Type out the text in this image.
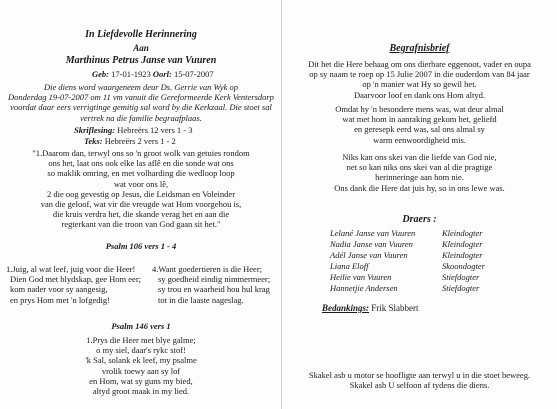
In Liefdevolle Herinnering
Aan
Marthinus Petrus Janse van Vuuren
Geb: 17-01-1923 Oorl: 15-07-2007
Die diens word waargeneem deur Ds. Gerrie van Wyk op
Donderdag 19-07-2007 om 11 vm vanuit die Gereformeerde Kerk Ventersdorp
voordat daar eers verrigtinge gemitig sal word by die Kerkzaal. Die stoet sal
vertrek na die familie begraafplaas.
Skriflesing: Hebreërs 12 vers 1 - 3
Teks: Hebreërs 2 vers 1 - 2
"1.Daarom dan, terwyl ons so 'n groot wolk van getuies rondom
ons het, laat ons ook elke las aflê en die sonde wat ons
so maklik omring, en met volharding die wedloop loop
wat voor ons lê,
2 die oog gevestig op Jesus, die Leidsman en Voleinder
van die geloof, wat vir die vreugde wat Hom voorgehou is,
die kruis verdra het, die skande verag het en aan die
regterkant van die troon van God gaan sit het."
Psalm 106 vers 1 - 4
1.Juig, al wat leef, juig voor die Heer!
Dien God met blydskap, gee Hom eer;
kom nader voor sy aangesig,
en prys Hom met 'n lofgedig!
4.Want goedertieren is die Heer;
sy goedheid eindig nimmermeer;
sy trou en waarheid hou hul krag
tot in die laaste nageslag.
Psalm 146 vers 1
1.Prys die Heer met blye galme;
o my siel, daar's rykc stof!
'k Sal, solank ek leef, my psalme
vrolik toewy aan sy lof
en Hom, wat sy guns my bied,
altyd groot maak in my lied.
Begrafnisbrief
Dit het die Here behaag om ons dierbare eggenoot, vader en oupa
op sy naam te roep op 15 Julie 2007 in die ouderdom van 84 jaar
op 'n manier wat Hy so gewil het.
Daarvoor loof en dank ons Hom altyd.
Omdat hy 'n besondere mens was, wat deur almal
wat met hom in aanraking gekom het, geliefd
en geresepk eerd was, sal ons almal sy
warm eenwoordigheid mis.
Niks kan ons skei van die liefde van God nie,
net so kan niks ons skei van al die pragtige
herinneringe aan hom nie.
Ons dank die Here dat juis hy, so in ons lewe was.
Draers :
Lelané Janse van Vuuren	Kleindogter
Nadia Janse van Vuuren	Kleindogter
Adél Janse van Vuuren	Kleindogter
Liana Eloff	Skoondogter
Heilie van Vuuren	Stiefdogter
Hannetjie Andersen	Stiefdogter
Bedankings: Frik Slabbert
Skakel asb u motor se hoofligte aan terwyl u in die stoet beweeg.
Skakel asb U selfoon af tydens die diens.
